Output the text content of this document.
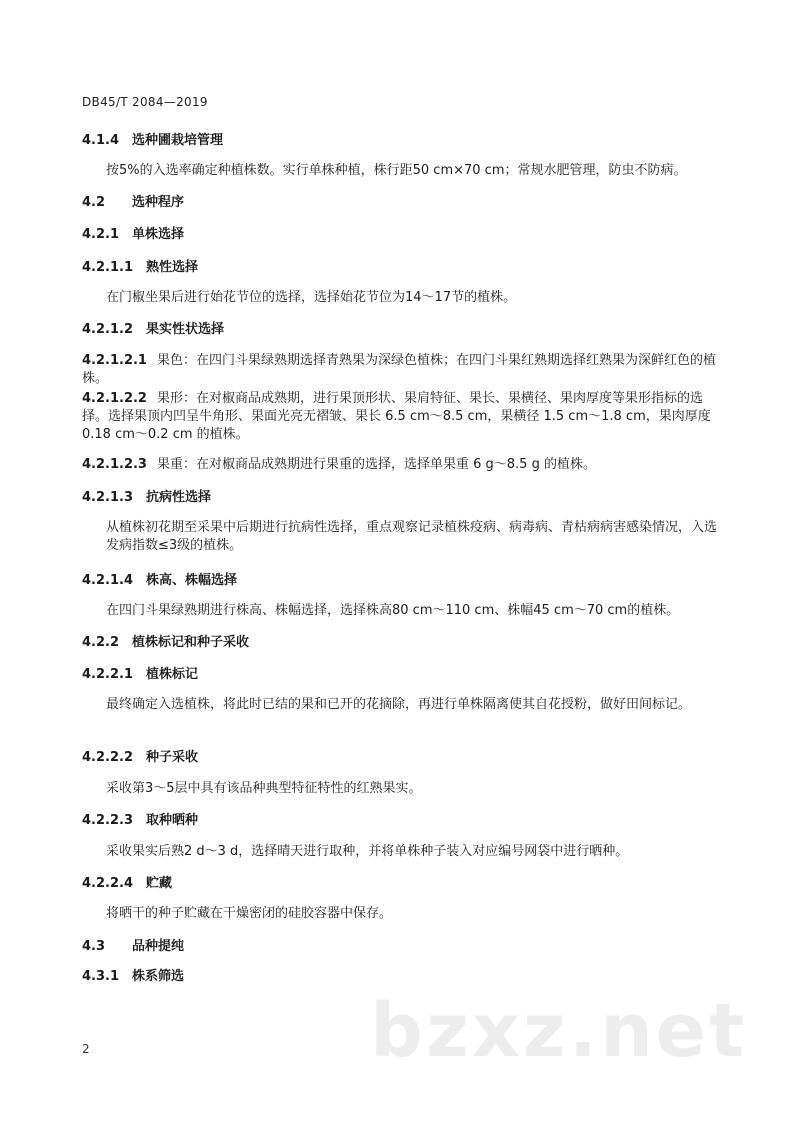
DB45/T 2084—2019
4.1.4 选种圃栽培管理
按5%的入选率确定种植株数。实行单株种植，株行距50 cm×70 cm；常规水肥管理，防虫不防病。
4.2 选种程序
4.2.1 单株选择
4.2.1.1 熟性选择
在门椒坐果后进行始花节位的选择，选择始花节位为14～17节的植株。
4.2.1.2 果实性状选择
4.2.1.2.1 果色：在四门斗果绿熟期选择青熟果为深绿色植株；在四门斗果红熟期选择红熟果为深鲜红色的植株。
4.2.1.2.2 果形：在对椒商品成熟期，进行果顶形状、果肩特征、果长、果横径、果肉厚度等果形指标的选择。选择果顶内凹呈牛角形、果面光亮无褶皱、果长 6.5 cm～8.5 cm，果横径 1.5 cm～1.8 cm，果肉厚度 0.18 cm～0.2 cm 的植株。
4.2.1.2.3 果重：在对椒商品成熟期进行果重的选择，选择单果重 6 g～8.5 g 的植株。
4.2.1.3 抗病性选择
从植株初花期至采果中后期进行抗病性选择，重点观察记录植株疫病、病毒病、青枯病病害感染情况，入选发病指数≤3级的植株。
4.2.1.4 株高、株幅选择
在四门斗果绿熟期进行株高、株幅选择，选择株高80 cm～110 cm、株幅45 cm～70 cm的植株。
4.2.2 植株标记和种子采收
4.2.2.1 植株标记
最终确定入选植株，将此时已结的果和已开的花摘除，再进行单株隔离使其自花授粉，做好田间标记。
4.2.2.2 种子采收
采收第3～5层中具有该品种典型特征特性的红熟果实。
4.2.2.3 取种晒种
采收果实后熟2 d～3 d，选择晴天进行取种，并将单株种子装入对应编号网袋中进行晒种。
4.2.2.4 贮藏
将晒干的种子贮藏在干燥密闭的硅胶容器中保存。
4.3 品种提纯
4.3.1 株系筛选
bzxz.net
2
